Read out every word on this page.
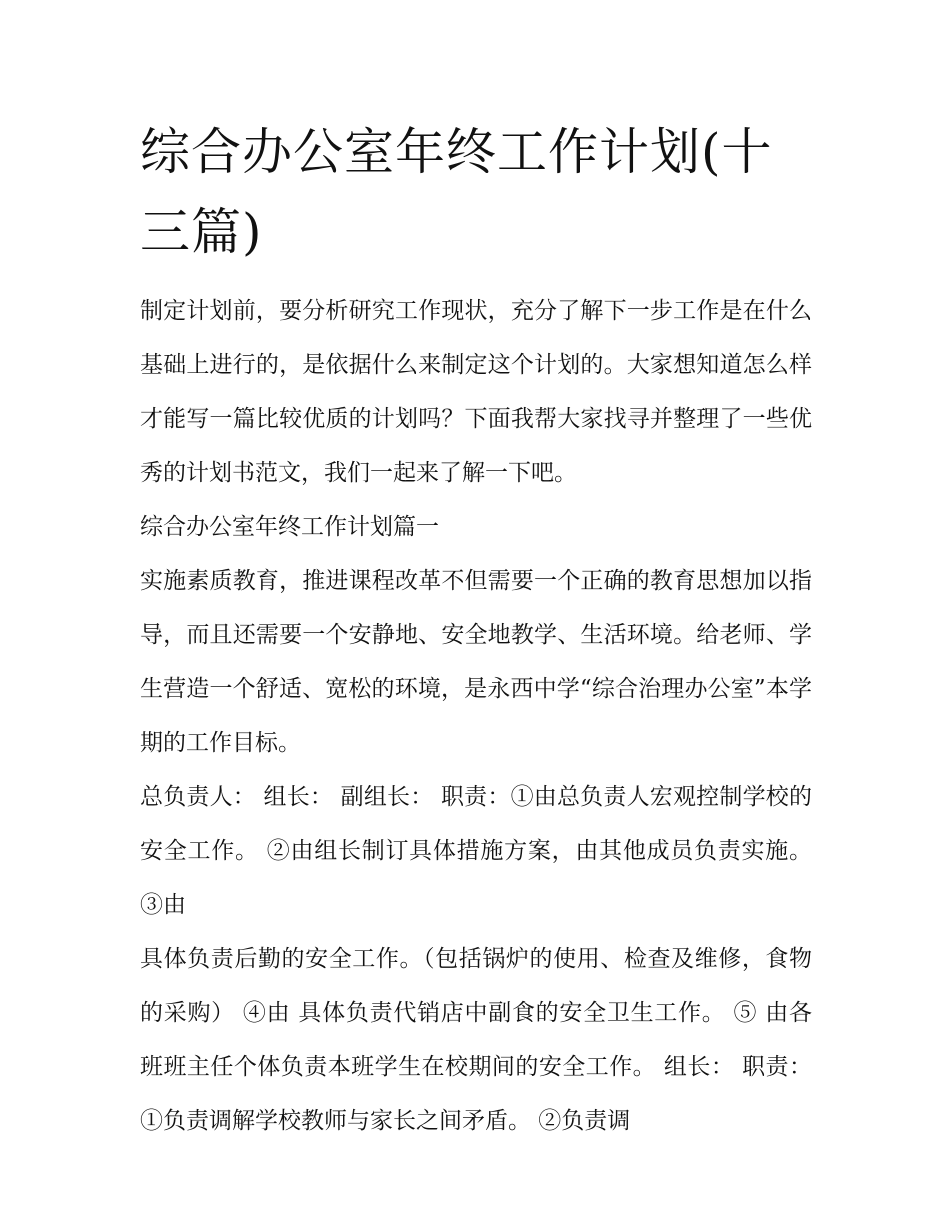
综合办公室年终工作计划(十三篇)

制定计划前，要分析研究工作现状，充分了解下一步工作是在什么基础上进行的，是依据什么来制定这个计划的。大家想知道怎么样才能写一篇比较优质的计划吗？下面我帮大家找寻并整理了一些优秀的计划书范文，我们一起来了解一下吧。

综合办公室年终工作计划篇一

实施素质教育，推进课程改革不但需要一个正确的教育思想加以指导，而且还需要一个安静地、安全地教学、生活环境。给老师、学生营造一个舒适、宽松的环境，是永西中学“综合治理办公室”本学期的工作目标。

总负责人： 组长： 副组长： 职责：①由总负责人宏观控制学校的安全工作。 ②由组长制订具体措施方案，由其他成员负责实施。 ③由

具体负责后勤的安全工作。（包括锅炉的使用、检查及维修，食物的采购） ④由 具体负责代销店中副食的安全卫生工作。 ⑤ 由各班班主任个体负责本班学生在校期间的安全工作。 组长： 职责：①负责调解学校教师与家长之间矛盾。 ②负责调
